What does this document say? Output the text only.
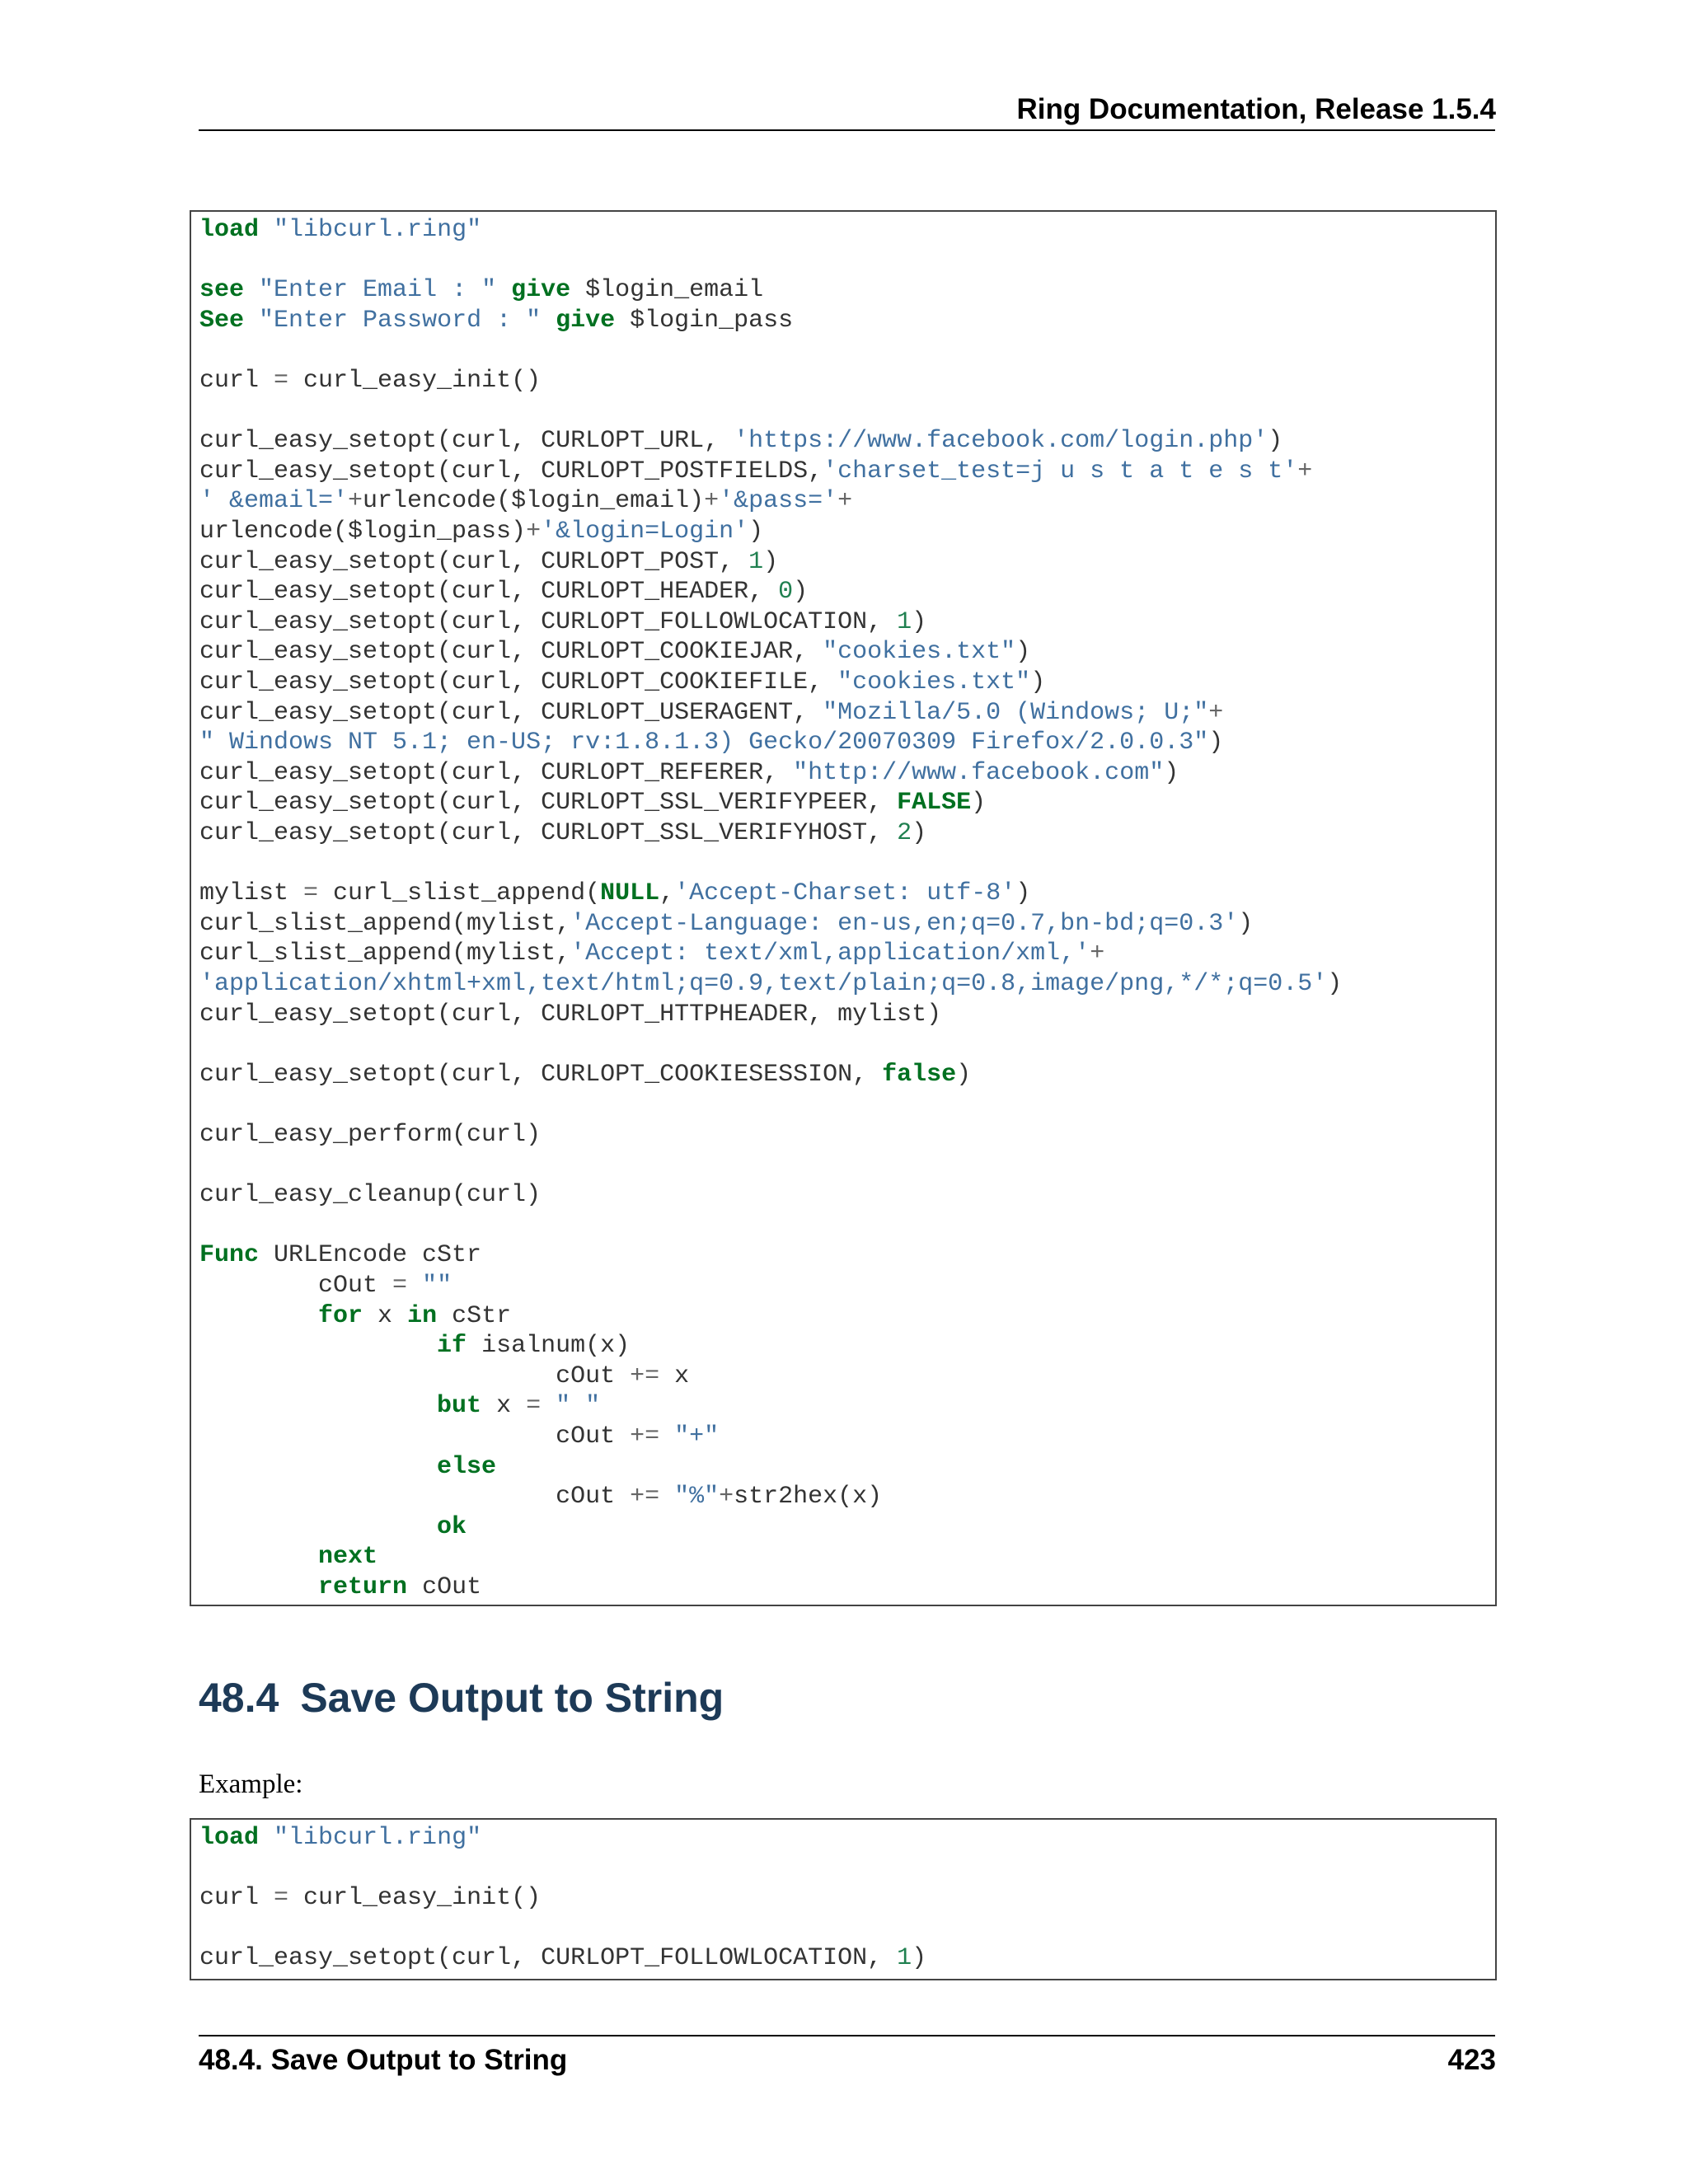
Ring Documentation, Release 1.5.4
load "libcurl.ring"
see "Enter Email : " give $login_email
See "Enter Password : " give $login_pass
curl = curl_easy_init()
curl_easy_setopt(curl, CURLOPT_URL, 'https://www.facebook.com/login.php')
curl_easy_setopt(curl, CURLOPT_POSTFIELDS,'charset_test=j u s t a t e s t'+
' &email='+urlencode($login_email)+'&pass='+
urlencode($login_pass)+'&login=Login')
curl_easy_setopt(curl, CURLOPT_POST, 1)
curl_easy_setopt(curl, CURLOPT_HEADER, 0)
curl_easy_setopt(curl, CURLOPT_FOLLOWLOCATION, 1)
curl_easy_setopt(curl, CURLOPT_COOKIEJAR, "cookies.txt")
curl_easy_setopt(curl, CURLOPT_COOKIEFILE, "cookies.txt")
curl_easy_setopt(curl, CURLOPT_USERAGENT, "Mozilla/5.0 (Windows; U;"+
" Windows NT 5.1; en-US; rv:1.8.1.3) Gecko/20070309 Firefox/2.0.0.3")
curl_easy_setopt(curl, CURLOPT_REFERER, "http://www.facebook.com")
curl_easy_setopt(curl, CURLOPT_SSL_VERIFYPEER, FALSE)
curl_easy_setopt(curl, CURLOPT_SSL_VERIFYHOST, 2)
mylist = curl_slist_append(NULL,'Accept-Charset: utf-8')
curl_slist_append(mylist,'Accept-Language: en-us,en;q=0.7,bn-bd;q=0.3')
curl_slist_append(mylist,'Accept: text/xml,application/xml,'+
'application/xhtml+xml,text/html;q=0.9,text/plain;q=0.8,image/png,*/*;q=0.5')
curl_easy_setopt(curl, CURLOPT_HTTPHEADER, mylist)
curl_easy_setopt(curl, CURLOPT_COOKIESESSION, false)
curl_easy_perform(curl)
curl_easy_cleanup(curl)
Func URLEncode cStr
cOut = ""
for x in cStr
if isalnum(x)
cOut += x
but x = " "
cOut += "+"
else
cOut += "%"+str2hex(x)
ok
next
return cOut
48.4 Save Output to String
Example:
load "libcurl.ring"
curl = curl_easy_init()
curl_easy_setopt(curl, CURLOPT_FOLLOWLOCATION, 1)
48.4. Save Output to String	423
